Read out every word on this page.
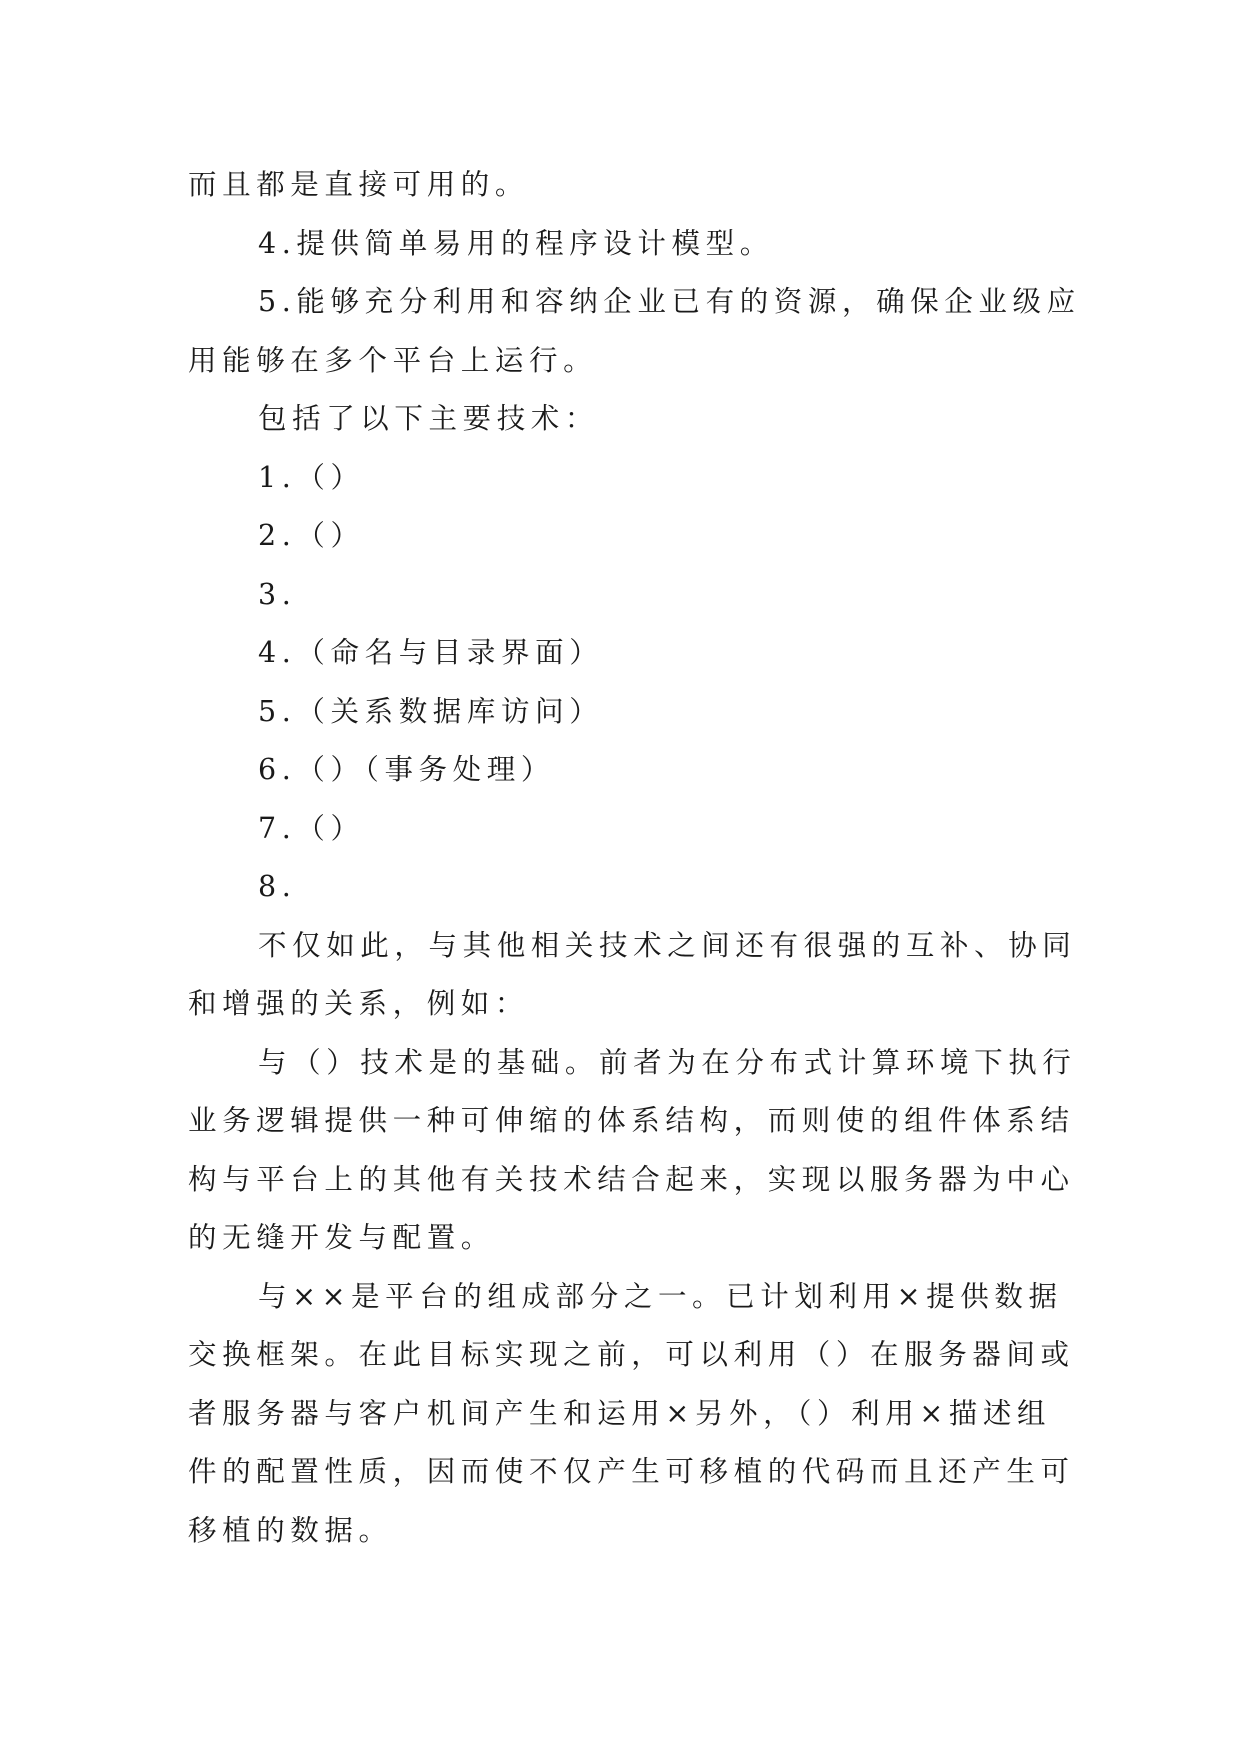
而且都是直接可用的。

4.提供简单易用的程序设计模型。

5.能够充分利用和容纳企业已有的资源，确保企业级应

用能够在多个平台上运行。

包括了以下主要技术：

1.（）

2.（）

3.

4.（命名与目录界面）

5.（关系数据库访问）

6.（）（事务处理）

7.（）

8.

不仅如此，与其他相关技术之间还有很强的互补、协同

和增强的关系，例如：

与（）技术是的基础。前者为在分布式计算环境下执行

业务逻辑提供一种可伸缩的体系结构，而则使的组件体系结

构与平台上的其他有关技术结合起来，实现以服务器为中心

的无缝开发与配置。

与××是平台的组成部分之一。已计划利用×提供数据

交换框架。在此目标实现之前，可以利用（）在服务器间或

者服务器与客户机间产生和运用×另外，（）利用×描述组

件的配置性质，因而使不仅产生可移植的代码而且还产生可

移植的数据。
